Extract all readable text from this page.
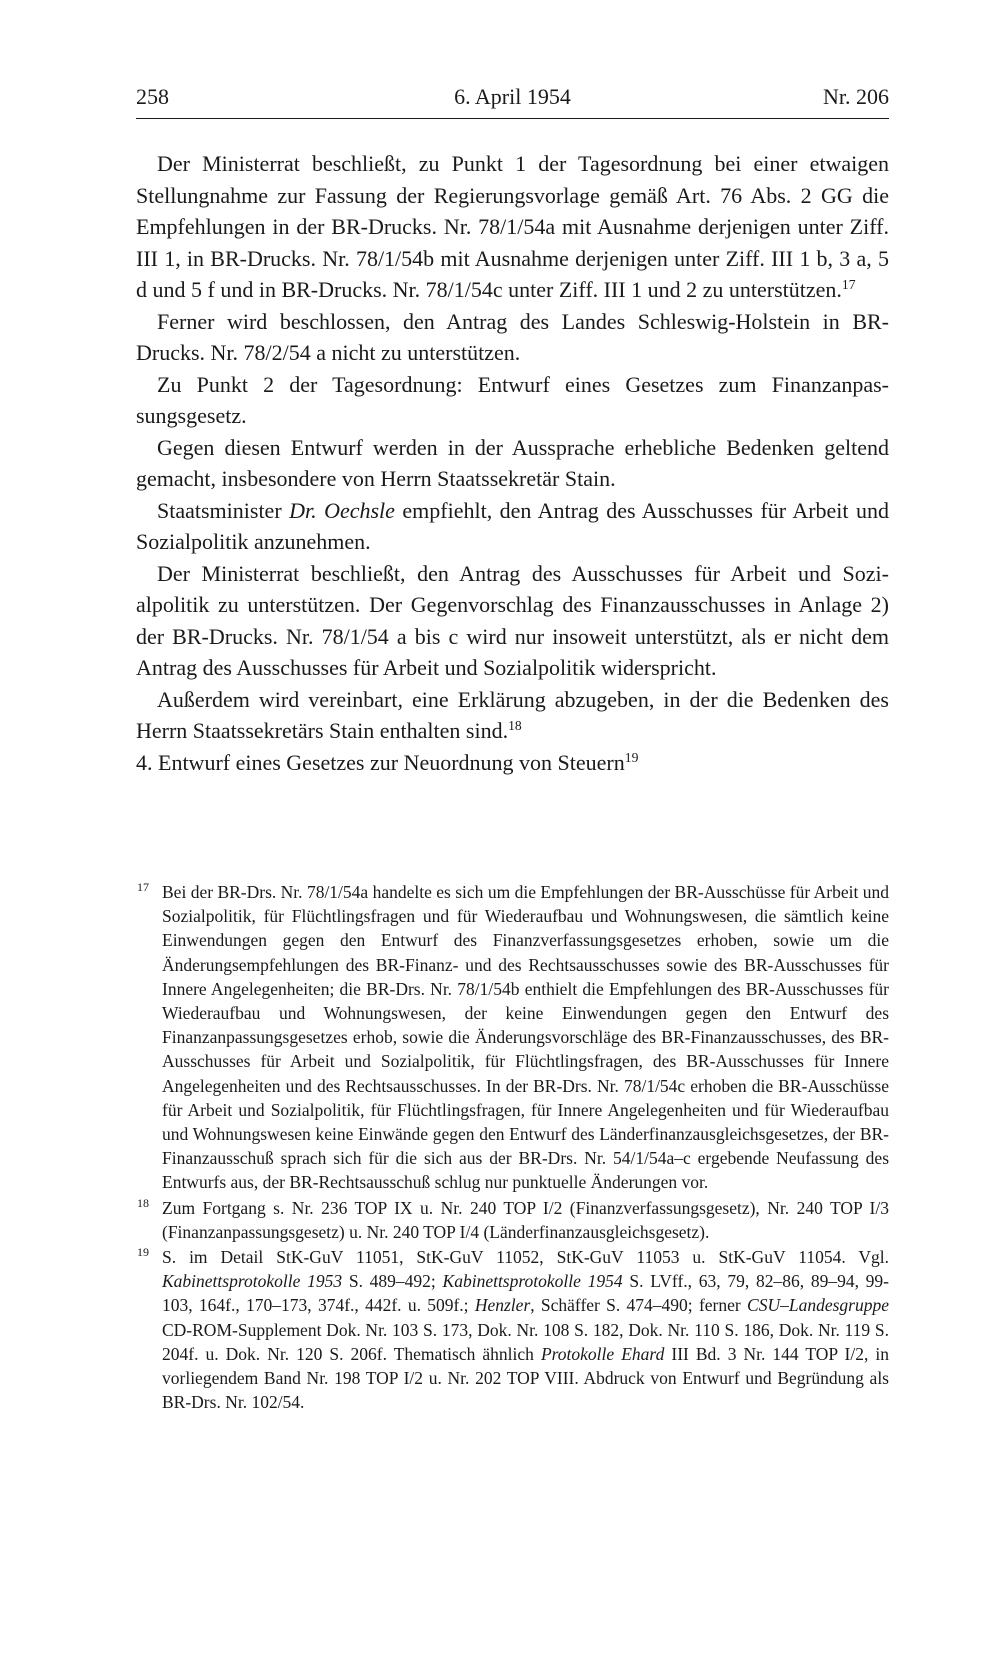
258	6. April 1954	Nr. 206

Der Ministerrat beschließt, zu Punkt 1 der Tagesordnung bei einer etwaigen Stellungnahme zur Fassung der Regierungsvorlage gemäß Art. 76 Abs. 2 GG die Empfehlungen in der BR-Drucks. Nr. 78/1/54a mit Ausnahme derjenigen unter Ziff. III 1, in BR-Drucks. Nr. 78/1/54b mit Ausnahme derjenigen unter Ziff. III 1 b, 3 a, 5 d und 5 f und in BR-Drucks. Nr. 78/1/54c unter Ziff. III 1 und 2 zu unterstützen.$^{17}$

Ferner wird beschlossen, den Antrag des Landes Schleswig-Holstein in BR-Drucks. Nr. 78/2/54 a nicht zu unterstützen.

Zu Punkt 2 der Tagesordnung: Entwurf eines Gesetzes zum Finanzanpassungsgesetz.

Gegen diesen Entwurf werden in der Aussprache erhebliche Bedenken geltend gemacht, insbesondere von Herrn Staatssekretär Stain.

Staatsminister Dr. Oechsle empfiehlt, den Antrag des Ausschusses für Arbeit und Sozialpolitik anzunehmen.

Der Ministerrat beschließt, den Antrag des Ausschusses für Arbeit und Sozialpolitik zu unterstützen. Der Gegenvorschlag des Finanzausschusses in Anlage 2) der BR-Drucks. Nr. 78/1/54 a bis c wird nur insoweit unterstützt, als er nicht dem Antrag des Ausschusses für Arbeit und Sozialpolitik widerspricht.

Außerdem wird vereinbart, eine Erklärung abzugeben, in der die Bedenken des Herrn Staatssekretärs Stain enthalten sind.$^{18}$

4. Entwurf eines Gesetzes zur Neuordnung von Steuern$^{19}$

17 Bei der BR-Drs. Nr. 78/1/54a handelte es sich um die Empfehlungen der BR-Ausschüsse für Arbeit und Sozialpolitik, für Flüchtlingsfragen und für Wiederaufbau und Wohnungswesen, die sämtlich keine Einwendungen gegen den Entwurf des Finanzverfassungsgesetzes erhoben, sowie um die Änderungsempfehlungen des BR-Finanz- und des Rechtsausschusses sowie des BR-Ausschusses für Innere Angelegenheiten; die BR-Drs. Nr. 78/1/54b enthielt die Empfehlungen des BR-Ausschusses für Wiederaufbau und Wohnungswesen, der keine Einwendungen gegen den Entwurf des Finanzanpassungsgesetzes erhob, sowie die Änderungsvorschläge des BR-Finanzausschusses, des BR-Ausschusses für Arbeit und Sozialpolitik, für Flüchtlingsfragen, des BR-Ausschusses für Innere Angelegenheiten und des Rechtsausschusses. In der BR-Drs. Nr. 78/1/54c erhoben die BR-Ausschüsse für Arbeit und Sozialpolitik, für Flüchtlingsfragen, für Innere Angelegenheiten und für Wiederaufbau und Wohnungswesen keine Einwände gegen den Entwurf des Länderfinanzausgleichsgesetzes, der BR-Finanzausschuß sprach sich für die sich aus der BR-Drs. Nr. 54/1/54a–c ergebende Neufassung des Entwurfs aus, der BR-Rechtsausschuß schlug nur punktuelle Änderungen vor.
18 Zum Fortgang s. Nr. 236 TOP IX u. Nr. 240 TOP I/2 (Finanzverfassungsgesetz), Nr. 240 TOP I/3 (Finanzanpassungsgesetz) u. Nr. 240 TOP I/4 (Länderfinanzausgleichsgesetz).
19 S. im Detail StK-GuV 11051, StK-GuV 11052, StK-GuV 11053 u. StK-GuV 11054. Vgl. Kabinettsprotokolle 1953 S. 489–492; Kabinettsprotokolle 1954 S. LVff., 63, 79, 82–86, 89–94, 99-103, 164f., 170–173, 374f., 442f. u. 509f.; Henzler, Schäffer S. 474–490; ferner CSU–Landesgruppe CD-ROM-Supplement Dok. Nr. 103 S. 173, Dok. Nr. 108 S. 182, Dok. Nr. 110 S. 186, Dok. Nr. 119 S. 204f. u. Dok. Nr. 120 S. 206f. Thematisch ähnlich Protokolle Ehard III Bd. 3 Nr. 144 TOP I/2, in vorliegendem Band Nr. 198 TOP I/2 u. Nr. 202 TOP VIII. Abdruck von Entwurf und Begründung als BR-Drs. Nr. 102/54.
